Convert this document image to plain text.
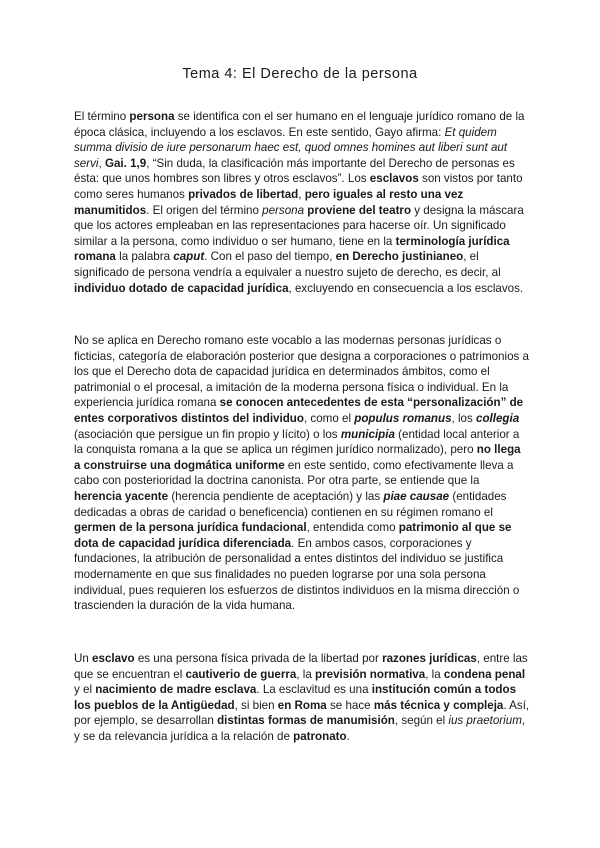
Tema 4: El Derecho de la persona

El término persona se identifica con el ser humano en el lenguaje jurídico romano de la época clásica, incluyendo a los esclavos. En este sentido, Gayo afirma: Et quidem summa divisio de iure personarum haec est, quod omnes homines aut liberi sunt aut servi, Gai. 1,9, “Sin duda, la clasificación más importante del Derecho de personas es ésta: que unos hombres son libres y otros esclavos”. Los esclavos son vistos por tanto como seres humanos privados de libertad, pero iguales al resto una vez manumitidos. El origen del término persona proviene del teatro y designa la máscara que los actores empleaban en las representaciones para hacerse oír. Un significado similar a la persona, como individuo o ser humano, tiene en la terminología jurídica romana la palabra caput. Con el paso del tiempo, en Derecho justinianeo, el significado de persona vendría a equivaler a nuestro sujeto de derecho, es decir, al individuo dotado de capacidad jurídica, excluyendo en consecuencia a los esclavos.

No se aplica en Derecho romano este vocablo a las modernas personas jurídicas o ficticias, categoría de elaboración posterior que designa a corporaciones o patrimonios a los que el Derecho dota de capacidad jurídica en determinados ámbitos, como el patrimonial o el procesal, a imitación de la moderna persona física o individual. En la experiencia jurídica romana se conocen antecedentes de esta “personalización” de entes corporativos distintos del individuo, como el populus romanus, los collegia (asociación que persigue un fin propio y lícito) o los municipia (entidad local anterior a la conquista romana a la que se aplica un régimen jurídico normalizado), pero no llega a construirse una dogmática uniforme en este sentido, como efectivamente lleva a cabo con posterioridad la doctrina canonista. Por otra parte, se entiende que la herencia yacente (herencia pendiente de aceptación) y las piae causae (entidades dedicadas a obras de caridad o beneficencia) contienen en su régimen romano el germen de la persona jurídica fundacional, entendida como patrimonio al que se dota de capacidad jurídica diferenciada. En ambos casos, corporaciones y fundaciones, la atribución de personalidad a entes distintos del individuo se justifica modernamente en que sus finalidades no pueden lograrse por una sola persona individual, pues requieren los esfuerzos de distintos individuos en la misma dirección o trascienden la duración de la vida humana.

Un esclavo es una persona física privada de la libertad por razones jurídicas, entre las que se encuentran el cautiverio de guerra, la previsión normativa, la condena penal y el nacimiento de madre esclava. La esclavitud es una institución común a todos los pueblos de la Antigüedad, si bien en Roma se hace más técnica y compleja. Así, por ejemplo, se desarrollan distintas formas de manumisión, según el ius praetorium, y se da relevancia jurídica a la relación de patronato.
